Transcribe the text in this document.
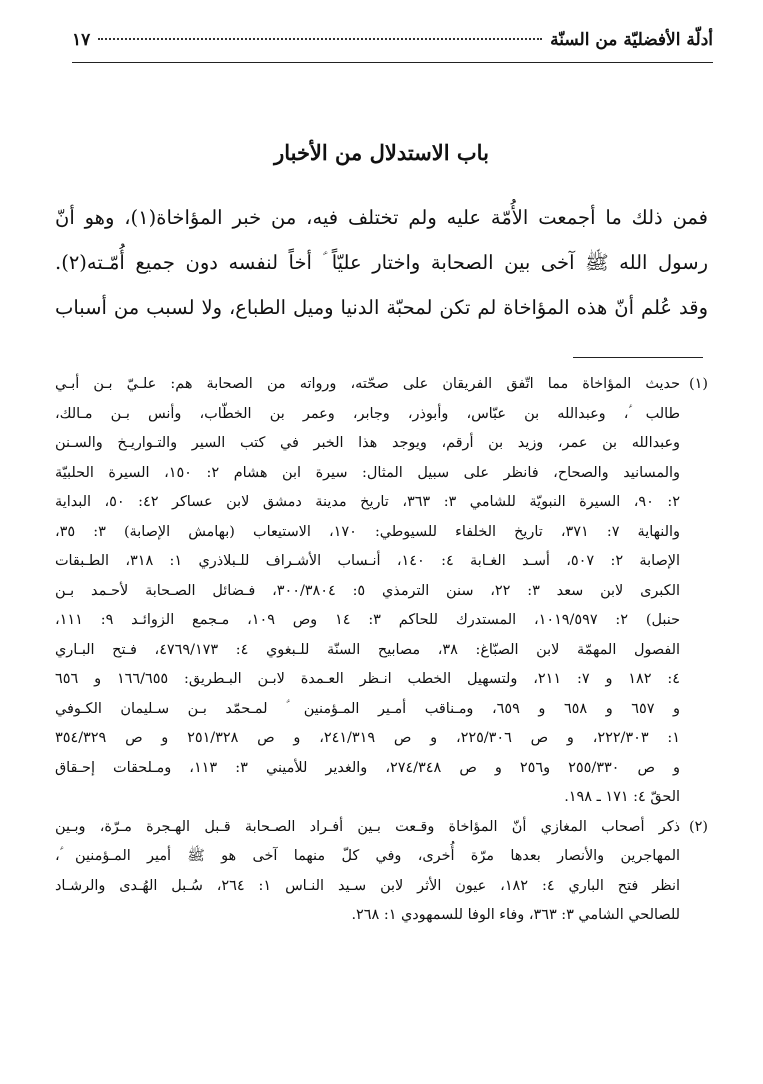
أدلّة الأفضليّة من السنّة
١٧
باب الاستدلال من الأخبار

فمن ذلك ما أجمعت الأُمّة عليه ولم تختلف فيه، من خبر المؤاخاة(١)، وهو أنّ

رسول الله ﷺ آخى بين الصحابة واختار عليّاً ؑ أخاً لنفسه دون جميع أُمّـته(٢).

وقد عُلم أنّ هذه المؤاخاة لم تكن لمحبّة الدنيا وميل الطباع، ولا لسبب من أسباب

(١)
حديث المؤاخاة مما اتّفق الفريقان على صحّته، ورواته من الصحابة هم: علـيّ بـن أبـي
طالب ؑ، وعبدالله بن عبّاس، وأبوذر، وجابر، وعمر بن الخطّاب، وأنس بـن مـالك،
وعبدالله بن عمر، وزيد بن أرقم، ويوجد هذا الخبر في كتب السير والتـواريـخ والسـنن
والمسانيد والصحاح، فانظر على سبيل المثال: سيرة ابن هشام ٢: ١٥٠، السيرة الحلبيّة
٢: ٩٠، السيرة النبويّة للشامي ٣: ٣٦٣، تاريخ مدينة دمشق لابن عساكر ٤٢: ٥٠، البداية
والنهاية ٧: ٣٧١، تاريخ الخلفاء للسيوطي: ١٧٠، الاستيعاب (بهامش الإصابة) ٣: ٣٥،
الإصابة ٢: ٥٠٧، أسـد الغـابة ٤: ١٤٠، أنـساب الأشـراف للـبلاذري ١: ٣١٨، الطـبقات
الكبرى لابن سعد ٣: ٢٢، سنن الترمذي ٥: ٣٠٠/٣٨٠٤، فـضائل الصـحابة لأحـمد بـن
حنبل) ٢: ١٠١٩/٥٩٧، المستدرك للحاكم ٣: ١٤ وص ١٠٩، مـجمع الزوائـد ٩: ١١١،
الفصول المهمّة لابن الصبّاغ: ٣٨، مصابيح السنّة للـبغوي ٤: ٤٧٦٩/١٧٣، فـتح البـاري
٤: ١٨٢ و ٧: ٢١١، ولتسهيل الخطب انـظر العـمدة لابـن البـطريق: ١٦٦/٦٥٥ و ٦٥٦
و ٦٥٧ و ٦٥٨ و ٦٥٩، ومـناقب أمـير المـؤمنين ؑ لمـحمّد بـن سـليمان الكـوفي
١: ٢٢٢/٣٠٣، و ص ٢٢٥/٣٠٦، و ص ٢٤١/٣١٩، و ص ٢٥١/٣٢٨ و ص ٣٥٤/٣٢٩
و ص ٢٥٥/٣٣٠ و٢٥٦ و ص ٢٧٤/٣٤٨، والغدير للأميني ٣: ١١٣، ومـلحقات إحـقاق
الحقّ ٤: ١٧١ ـ ١٩٨.
(٢)
ذكر أصحاب المغازي أنّ المؤاخاة وقـعت بـين أفـراد الصـحابة قـبل الهـجرة مـرّة، وبـين
المهاجرين والأنصار بعدها مرّة أُخرى، وفي كلّ منهما آخى هو ﷺ أمير المـؤمنين ؑ،
انظر فتح الباري ٤: ١٨٢، عيون الأثر لابن سـيد النـاس ١: ٢٦٤، سُـبل الهُـدى والرشـاد
للصالحي الشامي ٣: ٣٦٣، وفاء الوفا للسمهودي ١: ٢٦٨.
